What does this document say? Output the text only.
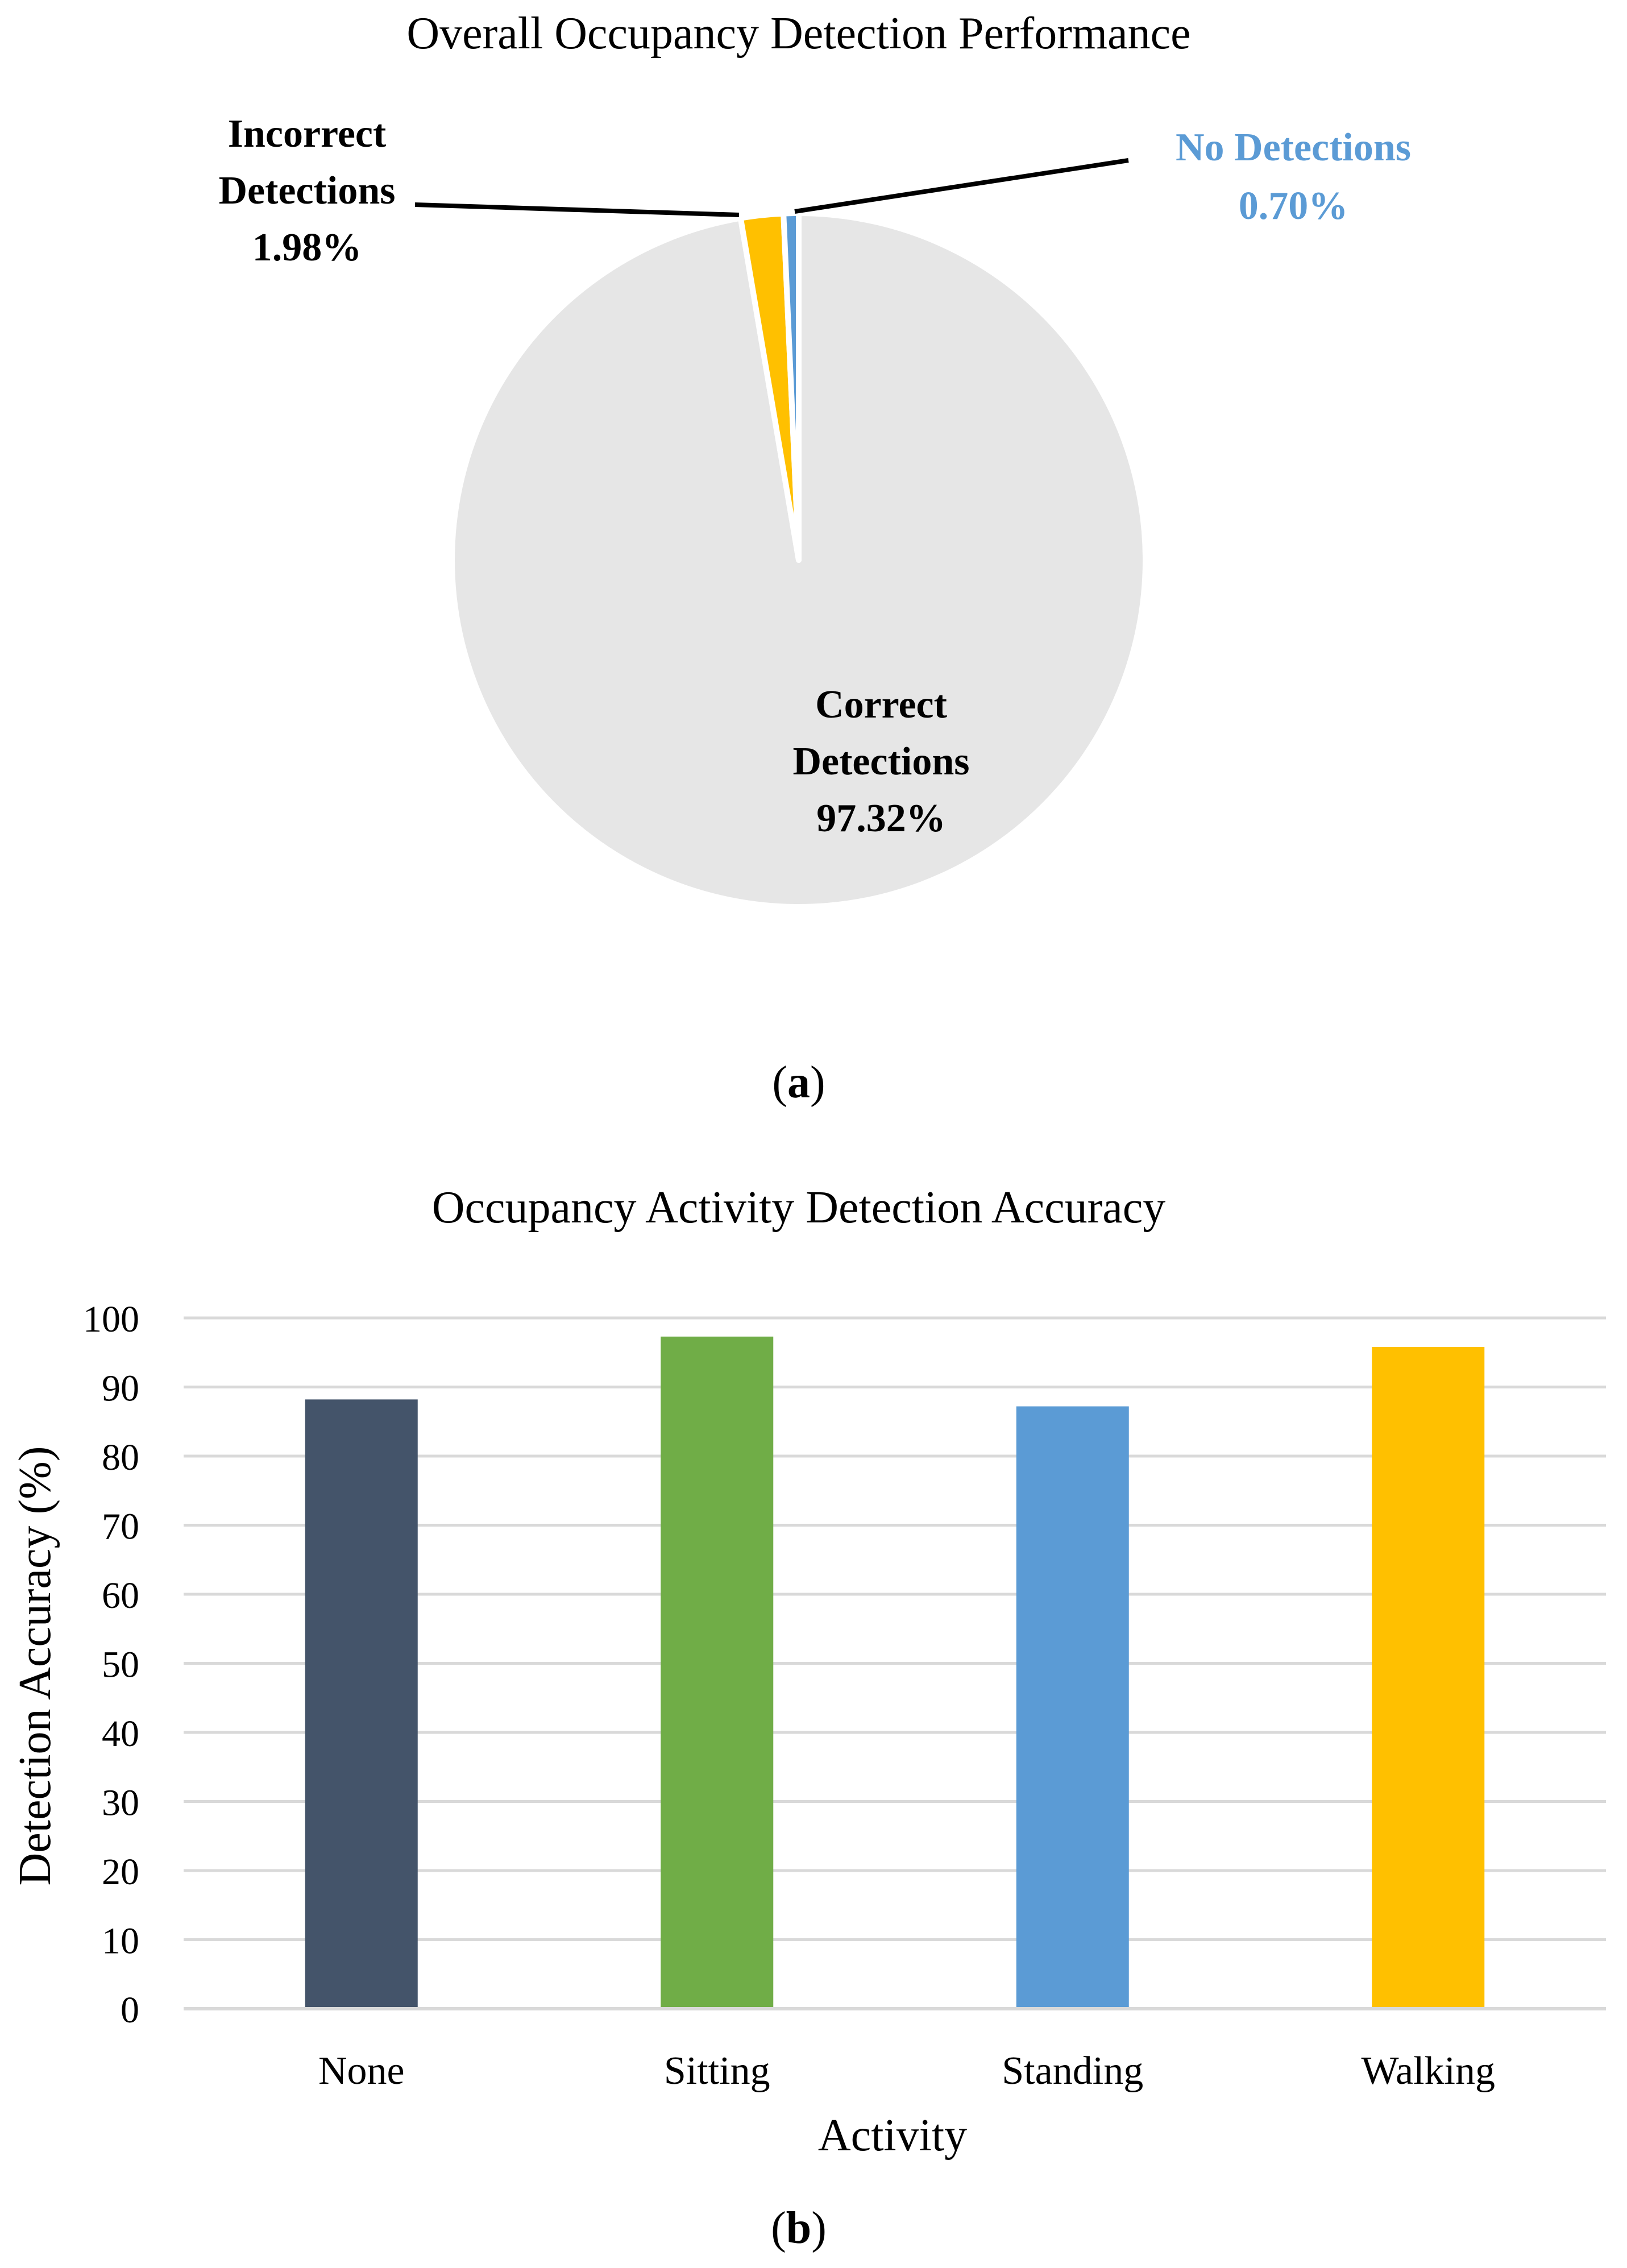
Overall Occupancy Detection Performance
Correct
Detections
97.32%
Incorrect
Detections
1.98%
No Detections
0.70%
(a)
Occupancy Activity Detection Accuracy
0
10
20
30
40
50
60
70
80
90
100
None	Sitting	Standing	Walking
Activity
Detection Accuracy (%)
(b)
